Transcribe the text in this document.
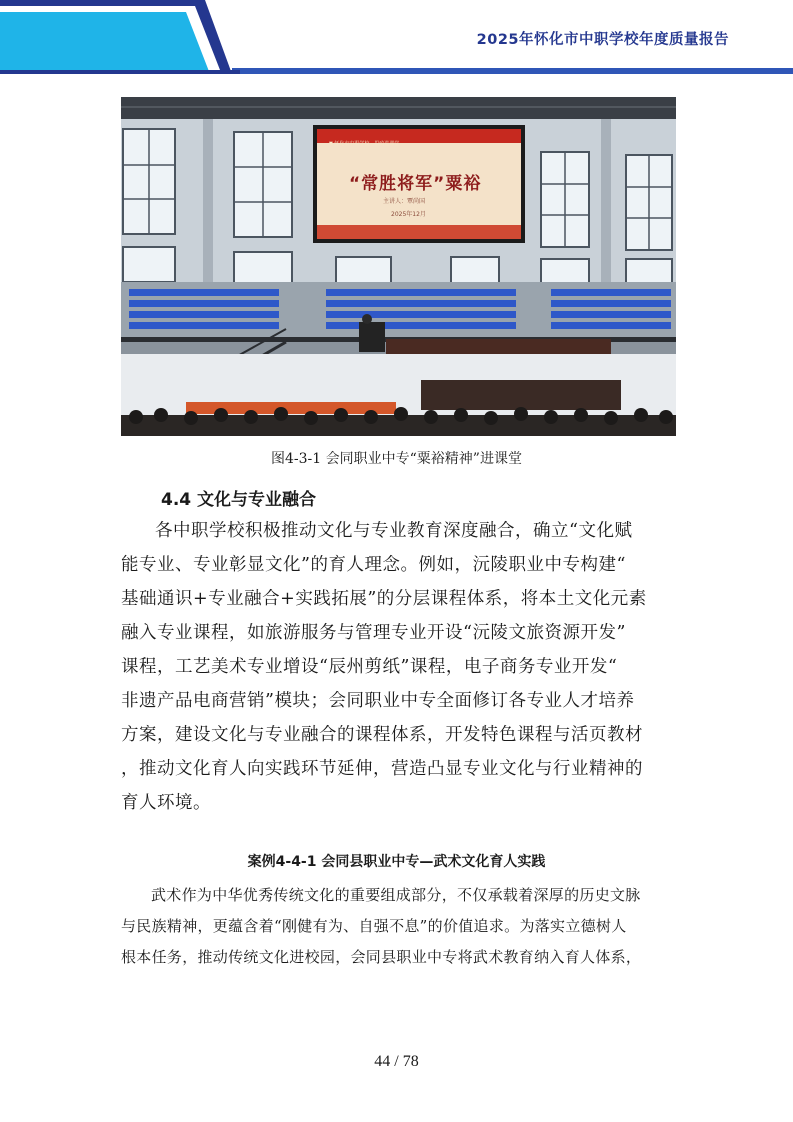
2025年怀化市中职学校年度质量报告
▼ 怀化市中职学校 · 思政进课堂
“常胜将军”粟裕
主讲人：覃尚国
2025年12月
图4-3-1 会同职业中专“粟裕精神”进课堂
4.4 文化与专业融合
各中职学校积极推动文化与专业教育深度融合，确立“文化赋
能专业、专业彰显文化”的育人理念。例如，沅陵职业中专构建“
基础通识+专业融合+实践拓展”的分层课程体系，将本土文化元素
融入专业课程，如旅游服务与管理专业开设“沅陵文旅资源开发”
课程，工艺美术专业增设“辰州剪纸”课程，电子商务专业开发“
非遗产品电商营销”模块；会同职业中专全面修订各专业人才培养
方案，建设文化与专业融合的课程体系，开发特色课程与活页教材
，推动文化育人向实践环节延伸，营造凸显专业文化与行业精神的
育人环境。
案例4-4-1 会同县职业中专—武术文化育人实践
武术作为中华优秀传统文化的重要组成部分，不仅承载着深厚的历史文脉
与民族精神，更蕴含着“刚健有为、自强不息”的价值追求。为落实立德树人
根本任务，推动传统文化进校园，会同县职业中专将武术教育纳入育人体系，
44 / 78
